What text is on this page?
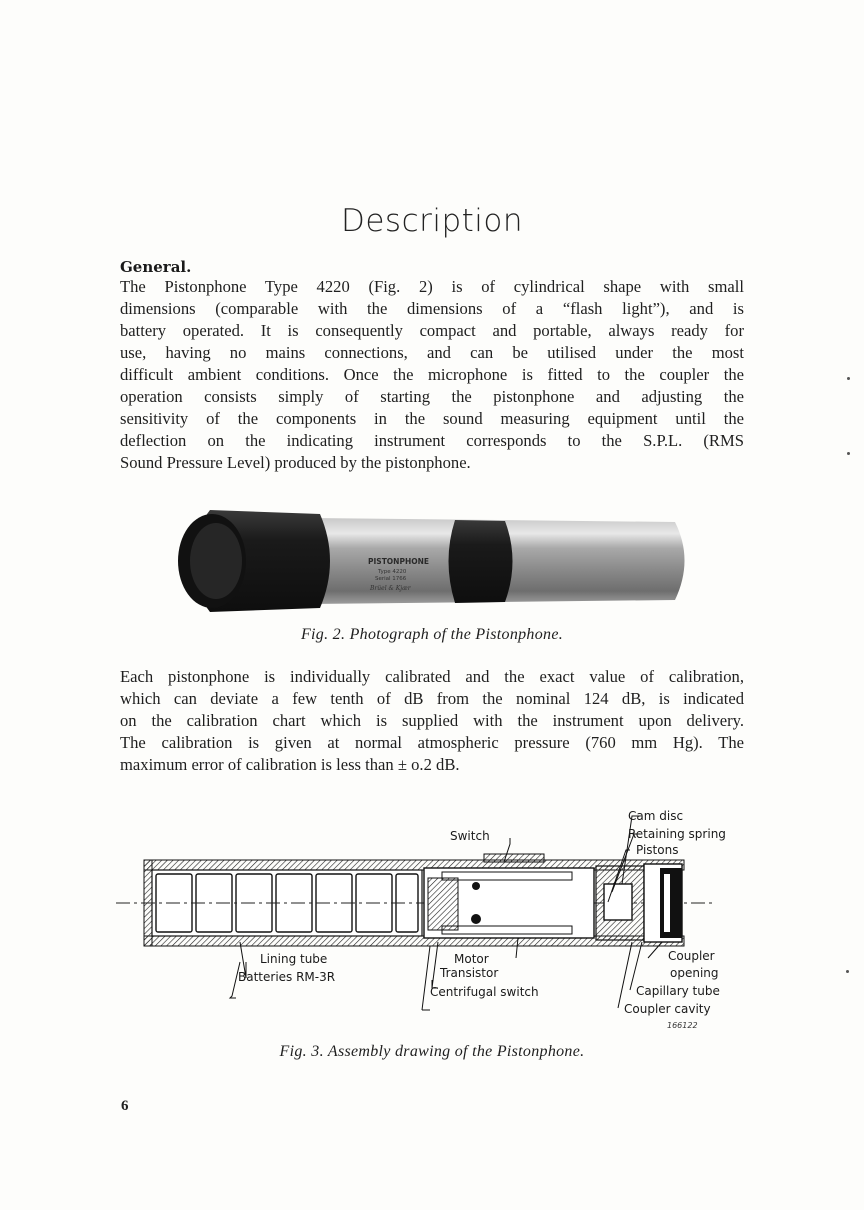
Description
General.
The Pistonphone Type 4220 (Fig. 2) is of cylindrical shape with small
dimensions (comparable with the dimensions of a “flash light”), and is
battery operated. It is consequently compact and portable, always ready for
use, having no mains connections, and can be utilised under the most
difficult ambient conditions. Once the microphone is fitted to the coupler the
operation consists simply of starting the pistonphone and adjusting the
sensitivity of the components in the sound measuring equipment until the
deflection on the indicating instrument corresponds to the S.P.L. (RMS
Sound Pressure Level) produced by the pistonphone.
PISTONPHONE
Type 4220
Serial 1766
Brüel & Kjær
Fig. 2. Photograph of the Pistonphone.
Each pistonphone is individually calibrated and the exact value of calibration,
which can deviate a few tenth of dB from the nominal 124 dB, is indicated
on the calibration chart which is supplied with the instrument upon delivery.
The calibration is given at normal atmospheric pressure (760 mm Hg). The
maximum error of calibration is less than ± o.2 dB.
Cam disc
Retaining spring
Pistons
Switch
Lining tube
Batteries RM-3R
Motor
Transistor
Centrifugal switch
Coupler
opening
Capillary tube
Coupler cavity
166122
Fig. 3. Assembly drawing of the Pistonphone.
6
